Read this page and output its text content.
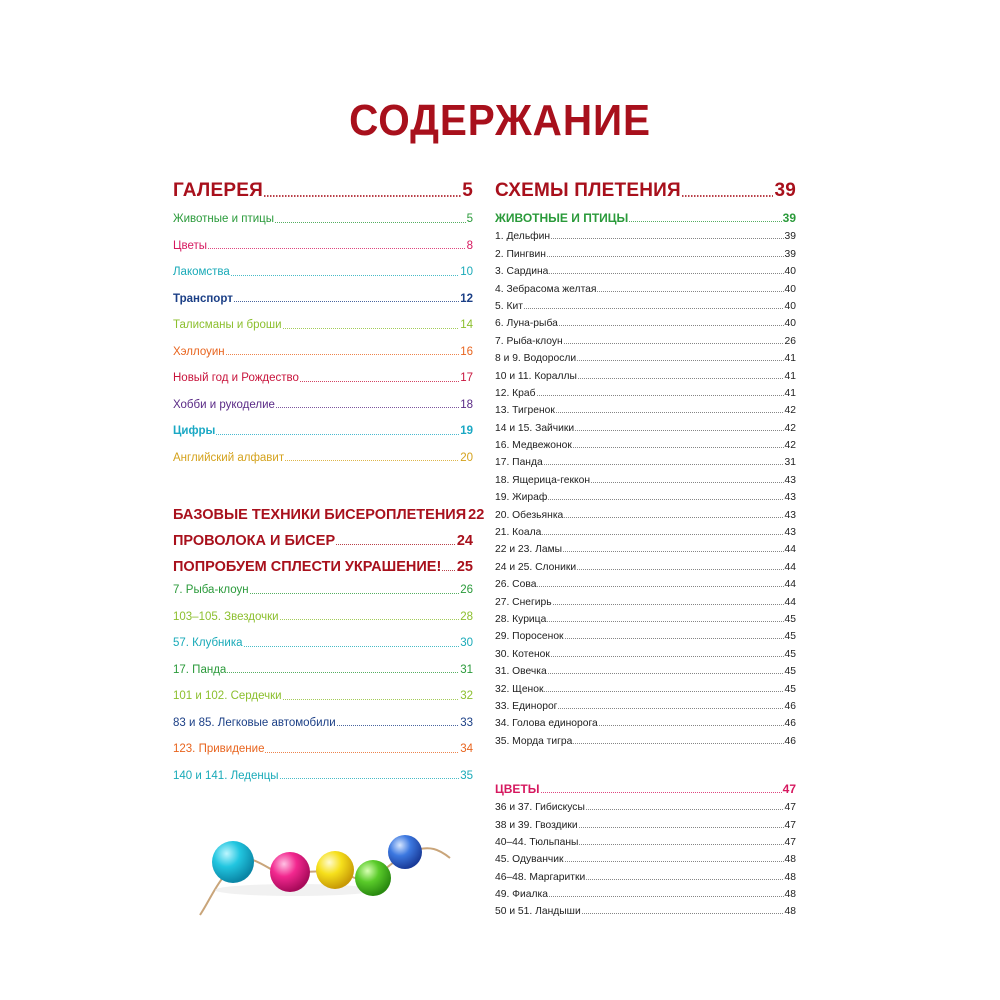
СОДЕРЖАНИЕ
ГАЛЕРЕЯ	5
Животные и птицы	5
Цветы	8
Лакомства	10
Транспорт	12
Талисманы и броши	14
Хэллоуин	16
Новый год и Рождество	17
Хобби и рукоделие	18
Цифры	19
Английский алфавит	20
БАЗОВЫЕ ТЕХНИКИ БИСЕРОПЛЕТЕНИЯ 22
ПРОВОЛОКА И БИСЕР	24
ПОПРОБУЕМ СПЛЕСТИ УКРАШЕНИЕ! 25
7. Рыба-клоун	26
103–105. Звездочки	28
57. Клубника	30
17. Панда	31
101 и 102. Сердечки	32
83 и 85. Легковые автомобили	33
123. Привидение	34
140 и 141. Леденцы	35
СХЕМЫ ПЛЕТЕНИЯ	39
ЖИВОТНЫЕ И ПТИЦЫ	39
1. Дельфин	39
2. Пингвин	39
3. Сардина	40
4. Зебрасома желтая	40
5. Кит	40
6. Луна-рыба	40
7. Рыба-клоун	26
8 и 9. Водоросли	41
10 и 11. Кораллы	41
12. Краб	41
13. Тигренок	42
14 и 15. Зайчики	42
16. Медвежонок	42
17. Панда	31
18. Ящерица-геккон	43
19. Жираф	43
20. Обезьянка	43
21. Коала	43
22 и 23. Ламы	44
24 и 25. Слоники	44
26. Сова	44
27. Снегирь	44
28. Курица	45
29. Поросенок	45
30. Котенок	45
31. Овечка	45
32. Щенок	45
33. Единорог	46
34. Голова единорога	46
35. Морда тигра	46
ЦВЕТЫ	47
36 и 37. Гибискусы	47
38 и 39. Гвоздики	47
40–44. Тюльпаны	47
45. Одуванчик	48
46–48. Маргаритки	48
49. Фиалка	48
50 и 51. Ландыши	48
